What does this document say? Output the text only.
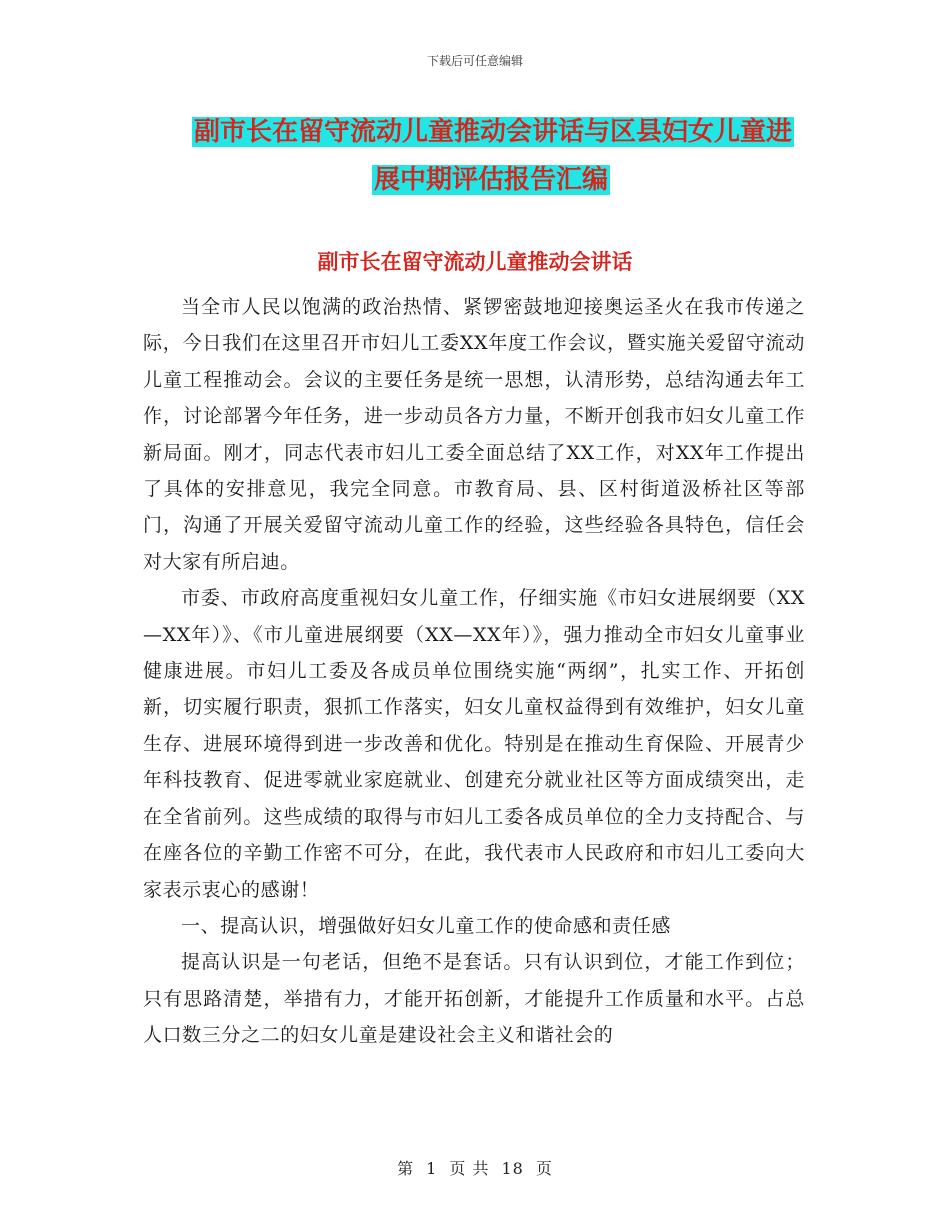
下载后可任意编辑
副市长在留守流动儿童推动会讲话与区县妇女儿童进
展中期评估报告汇编
副市长在留守流动儿童推动会讲话

当全市人民以饱满的政治热情、紧锣密鼓地迎接奥运圣火在我市传递之际，今日我们在这里召开市妇儿工委XX年度工作会议，暨实施关爱留守流动儿童工程推动会。会议的主要任务是统一思想，认清形势，总结沟通去年工作，讨论部署今年任务，进一步动员各方力量，不断开创我市妇女儿童工作新局面。刚才，同志代表市妇儿工委全面总结了XX工作，对XX年工作提出了具体的安排意见，我完全同意。市教育局、县、区村街道汲桥社区等部门，沟通了开展关爱留守流动儿童工作的经验，这些经验各具特色，信任会对大家有所启迪。

市委、市政府高度重视妇女儿童工作，仔细实施《市妇女进展纲要（XX—XX年）》、《市儿童进展纲要（XX—XX年）》，强力推动全市妇女儿童事业健康进展。市妇儿工委及各成员单位围绕实施“两纲”，扎实工作、开拓创新，切实履行职责，狠抓工作落实，妇女儿童权益得到有效维护，妇女儿童生存、进展环境得到进一步改善和优化。特别是在推动生育保险、开展青少年科技教育、促进零就业家庭就业、创建充分就业社区等方面成绩突出，走在全省前列。这些成绩的取得与市妇儿工委各成员单位的全力支持配合、与在座各位的辛勤工作密不可分，在此，我代表市人民政府和市妇儿工委向大家表示衷心的感谢！

一、提高认识，增强做好妇女儿童工作的使命感和责任感

提高认识是一句老话，但绝不是套话。只有认识到位，才能工作到位；只有思路清楚，举措有力，才能开拓创新，才能提升工作质量和水平。占总人口数三分之二的妇女儿童是建设社会主义和谐社会的

第 1 页 共 18 页
